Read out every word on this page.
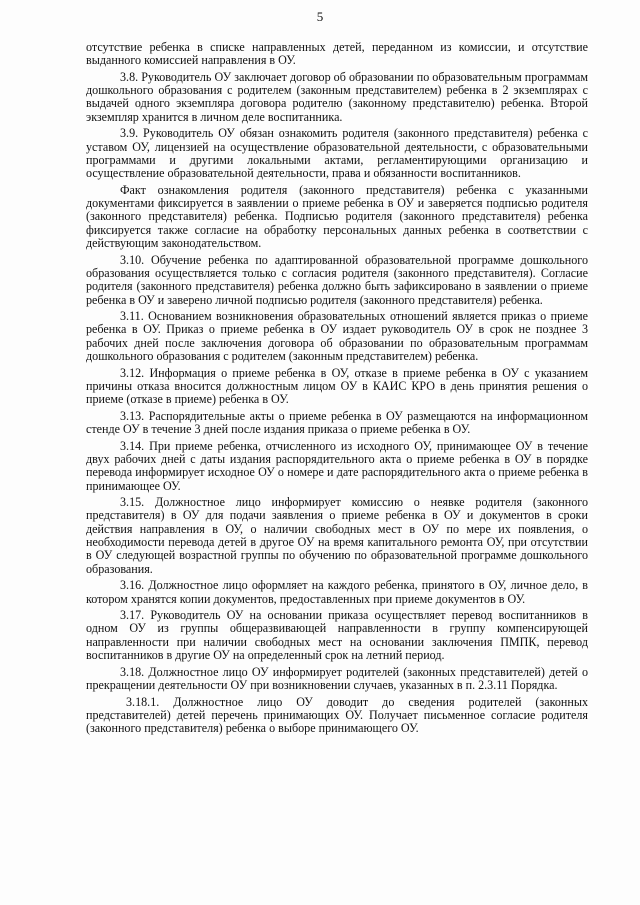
5

отсутствие ребенка в списке направленных детей, переданном из комиссии, и отсутствие выданного комиссией направления в ОУ.

3.8. Руководитель ОУ заключает договор об образовании по образовательным программам дошкольного образования с родителем (законным представителем) ребенка в 2 экземплярах с выдачей одного экземпляра договора родителю (законному представителю) ребенка. Второй экземпляр хранится в личном деле воспитанника.

3.9. Руководитель ОУ обязан ознакомить родителя (законного представителя) ребенка с уставом ОУ, лицензией на осуществление образовательной деятельности, с образовательными программами и другими локальными актами, регламентирующими организацию и осуществление образовательной деятельности, права и обязанности воспитанников.

Факт ознакомления родителя (законного представителя) ребенка с указанными документами фиксируется в заявлении о приеме ребенка в ОУ и заверяется подписью родителя (законного представителя) ребенка. Подписью родителя (законного представителя) ребенка фиксируется также согласие на обработку персональных данных ребенка в соответствии с действующим законодательством.

3.10. Обучение ребенка по адаптированной образовательной программе дошкольного образования осуществляется только с согласия родителя (законного представителя). Согласие родителя (законного представителя) ребенка должно быть зафиксировано в заявлении о приеме ребенка в ОУ и заверено личной подписью родителя (законного представителя) ребенка.

3.11. Основанием возникновения образовательных отношений является приказ о приеме ребенка в ОУ. Приказ о приеме ребенка в ОУ издает руководитель ОУ в срок не позднее 3 рабочих дней после заключения договора об образовании по образовательным программам дошкольного образования с родителем (законным представителем) ребенка.

3.12. Информация о приеме ребенка в ОУ, отказе в приеме ребенка в ОУ с указанием причины отказа вносится должностным лицом ОУ в КАИС КРО в день принятия решения о приеме (отказе в приеме) ребенка в ОУ.

3.13. Распорядительные акты о приеме ребенка в ОУ размещаются на информационном стенде ОУ в течение 3 дней после издания приказа о приеме ребенка в ОУ.

3.14. При приеме ребенка, отчисленного из исходного ОУ, принимающее ОУ в течение двух рабочих дней с даты издания распорядительного акта о приеме ребенка в ОУ в порядке перевода информирует исходное ОУ о номере и дате распорядительного акта о приеме ребенка в принимающее ОУ.

3.15. Должностное лицо информирует комиссию о неявке родителя (законного представителя) в ОУ для подачи заявления о приеме ребенка в ОУ и документов в сроки действия направления в ОУ, о наличии свободных мест в ОУ по мере их появления, о необходимости перевода детей в другое ОУ на время капитального ремонта ОУ, при отсутствии в ОУ следующей возрастной группы по обучению по образовательной программе дошкольного образования.

3.16. Должностное лицо оформляет на каждого ребенка, принятого в ОУ, личное дело, в котором хранятся копии документов, предоставленных при приеме документов в ОУ.

3.17. Руководитель ОУ на основании приказа осуществляет перевод воспитанников в одном ОУ из группы общеразвивающей направленности в группу компенсирующей направленности при наличии свободных мест на основании заключения ПМПК, перевод воспитанников в другие ОУ на определенный срок на летний период.

3.18. Должностное лицо ОУ информирует родителей (законных представителей) детей о прекращении деятельности ОУ при возникновении случаев, указанных в п. 2.3.11 Порядка.

3.18.1. Должностное лицо ОУ доводит до сведения родителей (законных представителей) детей перечень принимающих ОУ. Получает письменное согласие родителя (законного представителя) ребенка о выборе принимающего ОУ.
